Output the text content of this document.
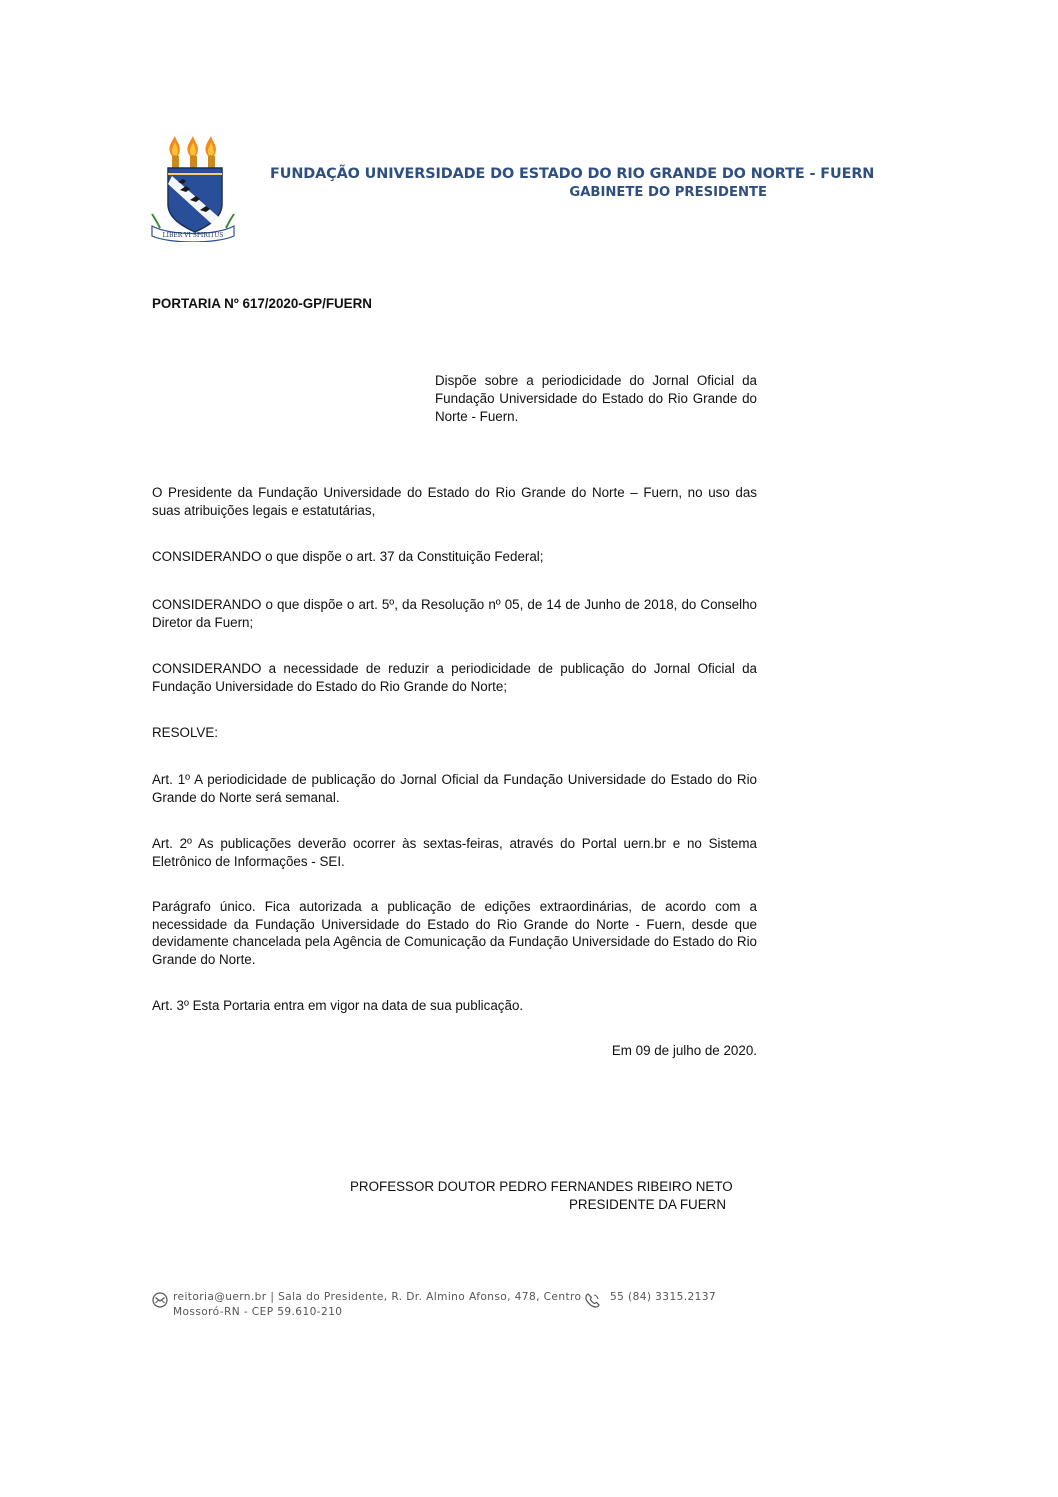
LIBER VI SPIRITUS
FUNDAÇÃO UNIVERSIDADE DO ESTADO DO RIO GRANDE DO NORTE - FUERN
GABINETE DO PRESIDENTE
PORTARIA Nº 617/2020-GP/FUERN
Dispõe sobre a periodicidade do Jornal Oficial da Fundação Universidade do Estado do Rio Grande do Norte - Fuern.
O Presidente da Fundação Universidade do Estado do Rio Grande do Norte – Fuern, no uso das suas atribuições legais e estatutárias,
CONSIDERANDO o que dispõe o art. 37 da Constituição Federal;
CONSIDERANDO o que dispõe o art. 5º, da Resolução nº 05, de 14 de Junho de 2018, do Conselho Diretor da Fuern;
CONSIDERANDO a necessidade de reduzir a periodicidade de publicação do Jornal Oficial da Fundação Universidade do Estado do Rio Grande do Norte;
RESOLVE:
Art. 1º A periodicidade de publicação do Jornal Oficial da Fundação Universidade do Estado do Rio Grande do Norte será semanal.
Art. 2º As publicações deverão ocorrer às sextas-feiras, através do Portal uern.br e no Sistema Eletrônico de Informações - SEI.
Parágrafo único. Fica autorizada a publicação de edições extraordinárias, de acordo com a necessidade da Fundação Universidade do Estado do Rio Grande do Norte - Fuern, desde que devidamente chancelada pela Agência de Comunicação da Fundação Universidade do Estado do Rio Grande do Norte.
Art. 3º Esta Portaria entra em vigor na data de sua publicação.
Em 09 de julho de 2020.
PROFESSOR DOUTOR PEDRO FERNANDES RIBEIRO NETO
PRESIDENTE DA FUERN
reitoria@uern.br | Sala do Presidente, R. Dr. Almino Afonso, 478, Centro
Mossoró-RN - CEP 59.610-210
55 (84) 3315.2137
